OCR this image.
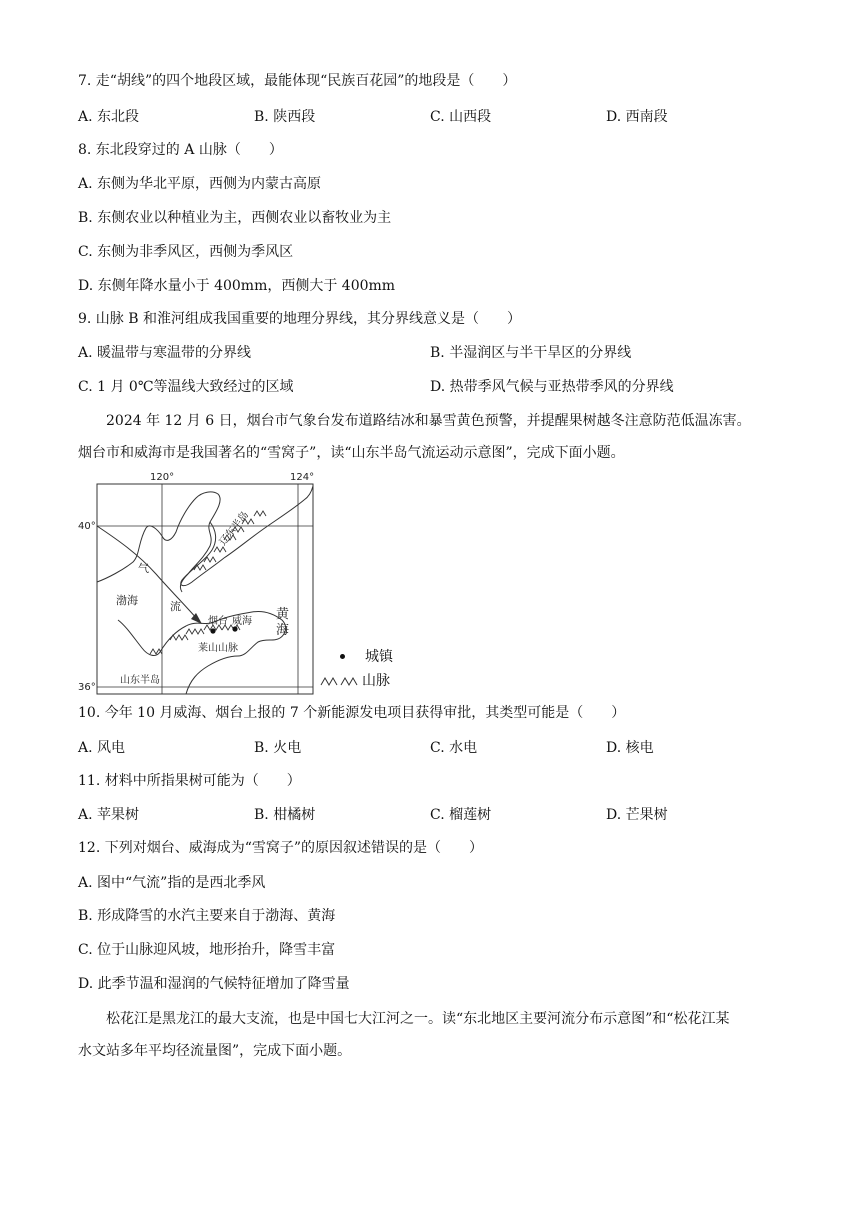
7. 走“胡线”的四个地段区域，最能体现“民族百花园”的地段是（　　）
A. 东北段	B. 陕西段	C. 山西段	D. 西南段
8. 东北段穿过的 A 山脉（　　）
A. 东侧为华北平原，西侧为内蒙古高原
B. 东侧农业以种植业为主，西侧农业以畜牧业为主
C. 东侧为非季风区，西侧为季风区
D. 东侧年降水量小于 400mm，西侧大于 400mm
9. 山脉 B 和淮河组成我国重要的地理分界线，其分界线意义是（　　）
A. 暖温带与寒温带的分界线	B. 半湿润区与半干旱区的分界线
C. 1 月 0℃等温线大致经过的区域	D. 热带季风气候与亚热带季风的分界线
2024 年 12 月 6 日，烟台市气象台发布道路结冰和暴雪黄色预警，并提醒果树越冬注意防范低温冻害。
烟台市和威海市是我国著名的“雪窝子”，读“山东半岛气流运动示意图”，完成下面小题。
120°	124°
40°
36°
渤海
气
流
烟台 威海 黄
海
莱山山脉
山东半岛
辽东半岛
城镇
山脉
10. 今年 10 月威海、烟台上报的 7 个新能源发电项目获得审批，其类型可能是（　　）
A. 风电	B. 火电	C. 水电	D. 核电
11. 材料中所指果树可能为（　　）
A. 苹果树	B. 柑橘树	C. 榴莲树	D. 芒果树
12. 下列对烟台、威海成为“雪窝子”的原因叙述错误的是（　　）
A. 图中“气流”指的是西北季风
B. 形成降雪的水汽主要来自于渤海、黄海
C. 位于山脉迎风坡，地形抬升，降雪丰富
D. 此季节温和湿润的气候特征增加了降雪量
松花江是黑龙江的最大支流，也是中国七大江河之一。读“东北地区主要河流分布示意图”和“松花江某
水文站多年平均径流量图”，完成下面小题。
